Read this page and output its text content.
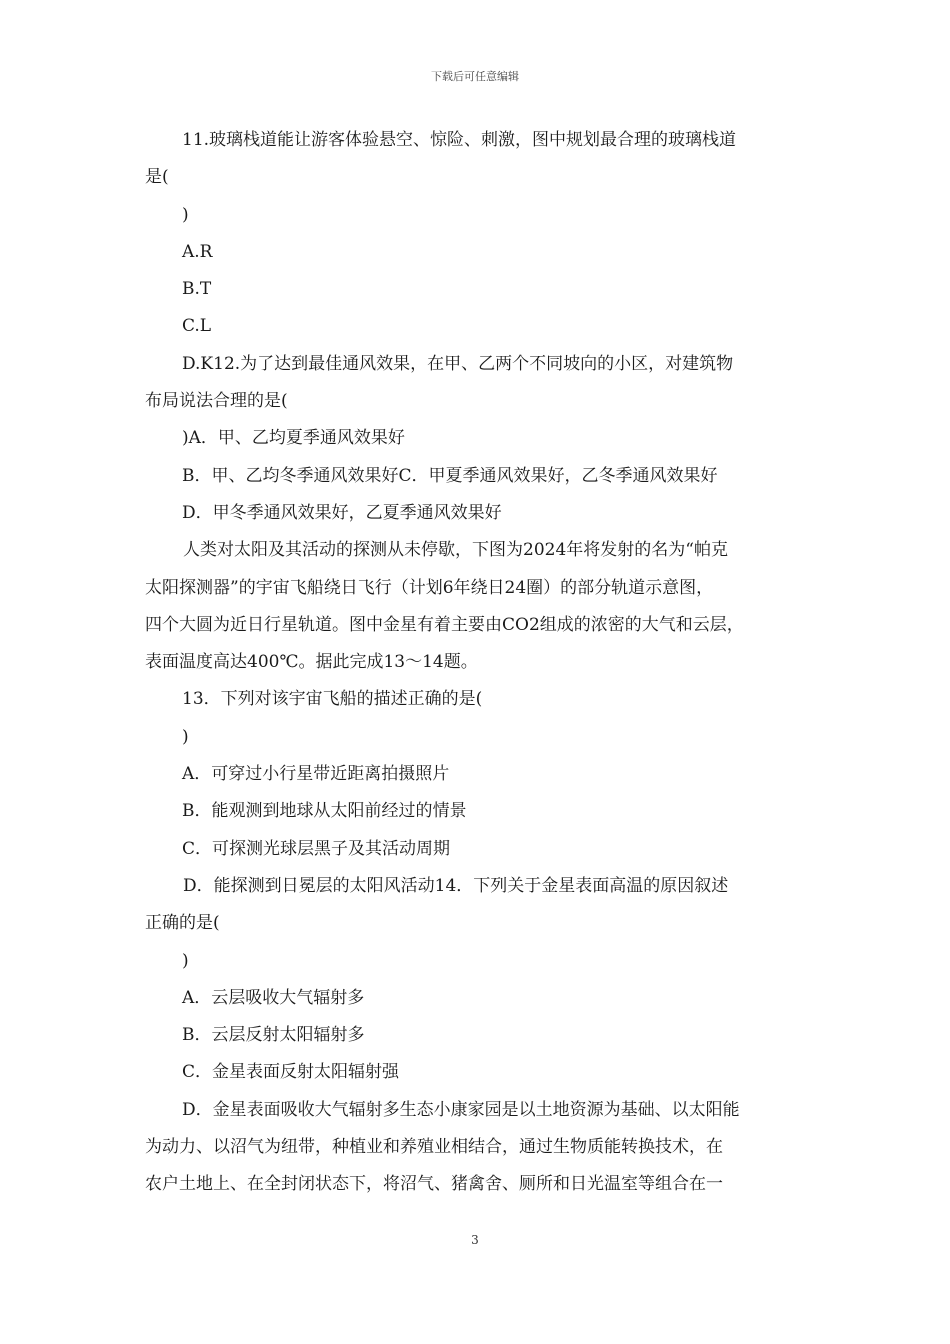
下载后可任意编辑
11.玻璃栈道能让游客体验悬空、惊险、刺激，图中规划最合理的玻璃栈道
是(
)
A.R
B.T
C.L
D.K12.为了达到最佳通风效果，在甲、乙两个不同坡向的小区，对建筑物
布局说法合理的是(
)A．甲、乙均夏季通风效果好
B．甲、乙均冬季通风效果好C．甲夏季通风效果好，乙冬季通风效果好
D．甲冬季通风效果好，乙夏季通风效果好
人类对太阳及其活动的探测从未停歇，下图为2024年将发射的名为“帕克
太阳探测器”的宇宙飞船绕日飞行（计划6年绕日24圈）的部分轨道示意图，
四个大圆为近日行星轨道。图中金星有着主要由CO2组成的浓密的大气和云层，
表面温度高达400℃。据此完成13～14题。
13．下列对该宇宙飞船的描述正确的是(
)
A．可穿过小行星带近距离拍摄照片
B．能观测到地球从太阳前经过的情景
C．可探测光球层黑子及其活动周期
D．能探测到日冕层的太阳风活动14．下列关于金星表面高温的原因叙述
正确的是(
)
A．云层吸收大气辐射多
B．云层反射太阳辐射多
C．金星表面反射太阳辐射强
D．金星表面吸收大气辐射多生态小康家园是以土地资源为基础、以太阳能
为动力、以沼气为纽带，种植业和养殖业相结合，通过生物质能转换技术，在
农户土地上、在全封闭状态下，将沼气、猪禽舍、厕所和日光温室等组合在一
3
